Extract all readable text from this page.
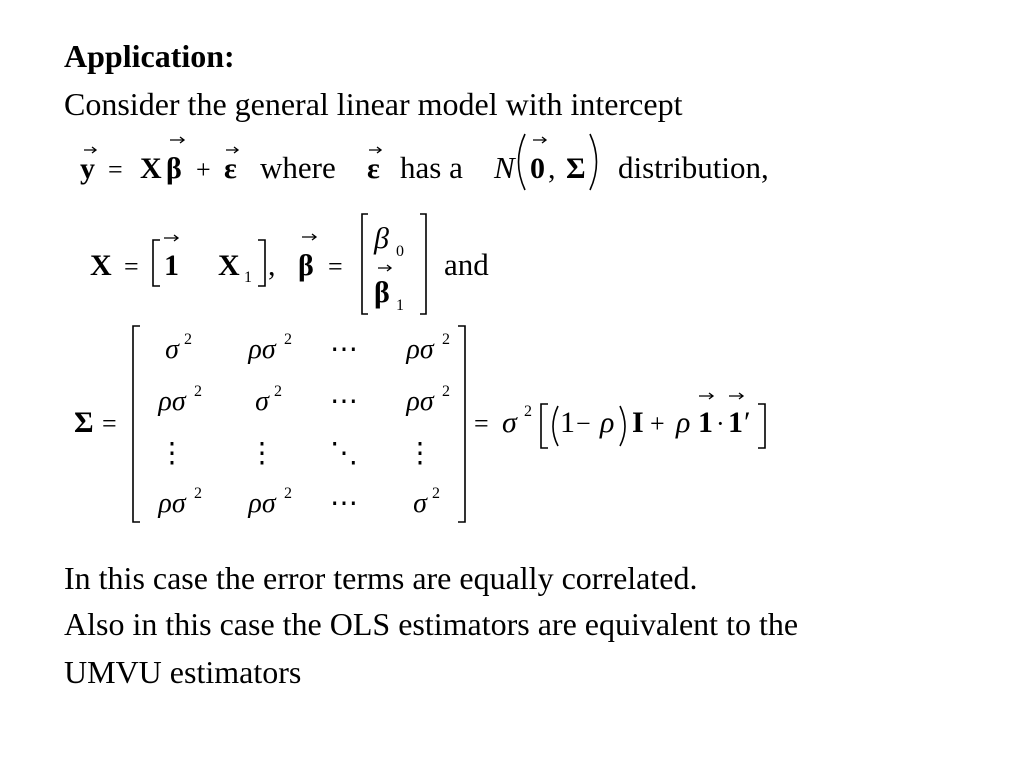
Application:
Consider the general linear model with intercept
y = X β + ε where ε has a N 0 , Σ distribution,
X = 1 X 1 , β =
β 0
β 1
and
Σ =
σ 2 ρσ 2 ⋯ ρσ 2
ρσ 2 σ 2 ⋯ ρσ 2
⋮ ⋮ ⋱ ⋮
ρσ 2 ρσ 2 ⋯ σ 2
= σ 2 1 − ρ I + ρ 1 · 1 ′
In this case the error terms are equally correlated.
Also in this case the OLS estimators are equivalent to the
UMVU estimators
